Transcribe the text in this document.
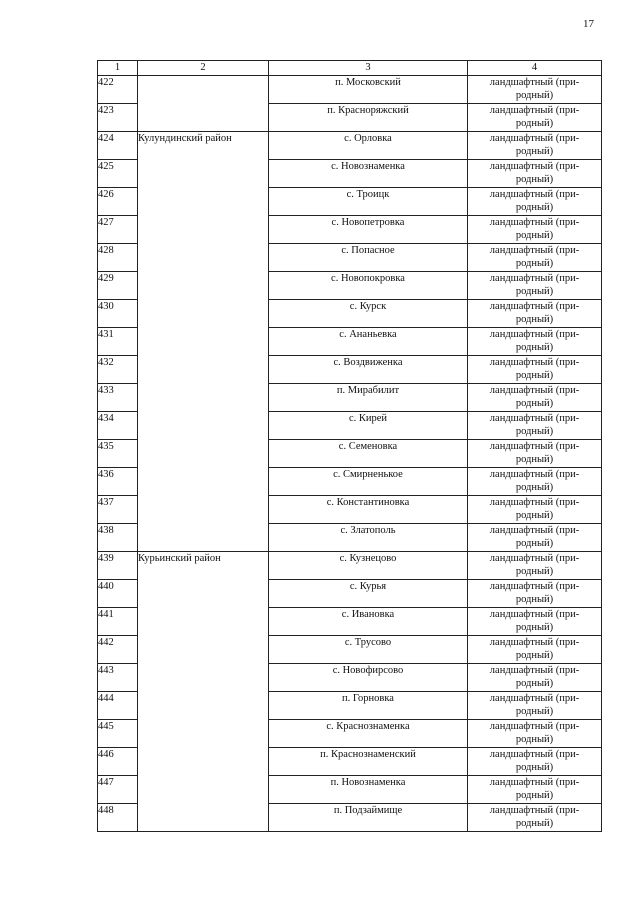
17
1	2	3	4
422		п. Московский	ландшафтный (при-
родный)
423		п. Красноряжский	ландшафтный (при-
родный)
424	Кулундинский район	с. Орловка	ландшафтный (при-
родный)
425		с. Новознаменка	ландшафтный (при-
родный)
426		с. Троицк	ландшафтный (при-
родный)
427		с. Новопетровка	ландшафтный (при-
родный)
428		с. Попасное	ландшафтный (при-
родный)
429		с. Новопокровка	ландшафтный (при-
родный)
430		с. Курск	ландшафтный (при-
родный)
431		с. Ананьевка	ландшафтный (при-
родный)
432		с. Воздвиженка	ландшафтный (при-
родный)
433		п. Мирабилит	ландшафтный (при-
родный)
434		с. Кирей	ландшафтный (при-
родный)
435		с. Семеновка	ландшафтный (при-
родный)
436		с. Смирненькое	ландшафтный (при-
родный)
437		с. Константиновка	ландшафтный (при-
родный)
438		с. Златополь	ландшафтный (при-
родный)
439	Курьинский район	с. Кузнецово	ландшафтный (при-
родный)
440		с. Курья	ландшафтный (при-
родный)
441		с. Ивановка	ландшафтный (при-
родный)
442		с. Трусово	ландшафтный (при-
родный)
443		с. Новофирсово	ландшафтный (при-
родный)
444		п. Горновка	ландшафтный (при-
родный)
445		с. Краснознаменка	ландшафтный (при-
родный)
446		п. Краснознаменский	ландшафтный (при-
родный)
447		п. Новознаменка	ландшафтный (при-
родный)
448		п. Подзаймище	ландшафтный (при-
родный)
